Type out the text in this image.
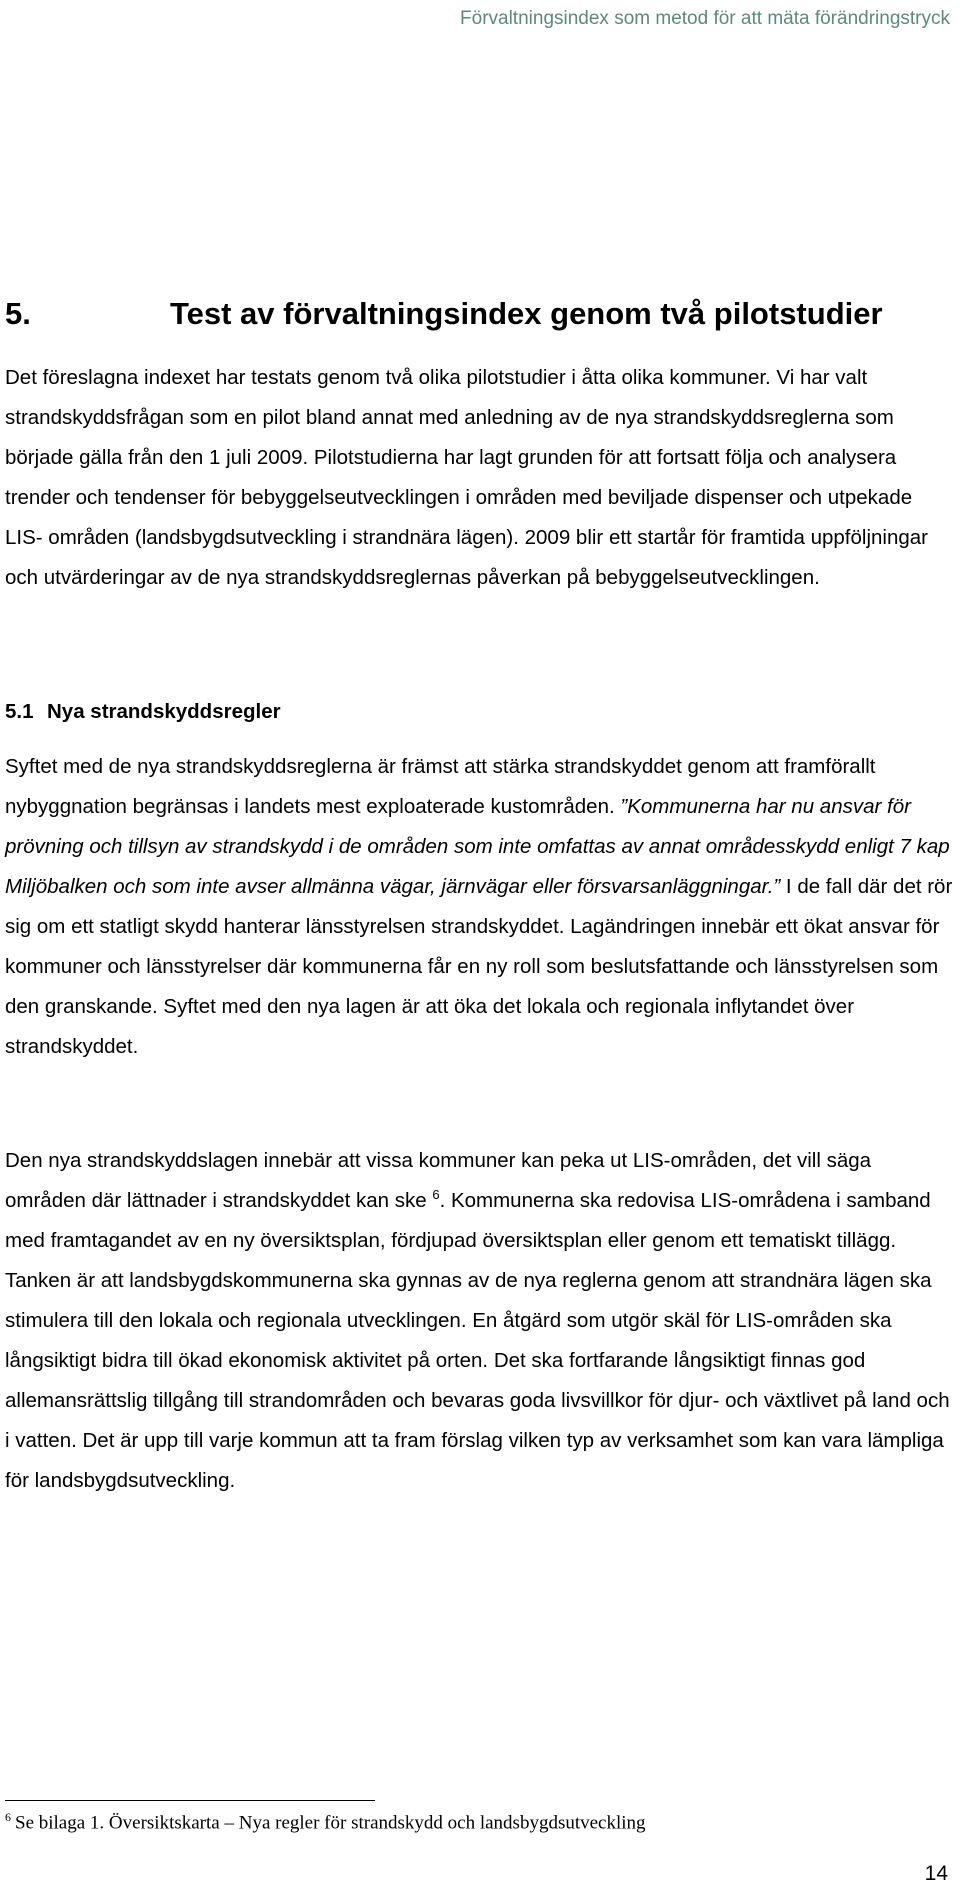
Förvaltningsindex som metod för att mäta förändringstryck
5.	Test av förvaltningsindex genom två pilotstudier

Det föreslagna indexet har testats genom två olika pilotstudier i åtta olika kommuner. Vi har valt strandskyddsfrågan som en pilot bland annat med anledning av de nya strandskyddsreglerna som började gälla från den 1 juli 2009. Pilotstudierna har lagt grunden för att fortsatt följa och analysera trender och tendenser för bebyggelseutvecklingen i områden med beviljade dispenser och utpekade LIS- områden (landsbygdsutveckling i strandnära lägen). 2009 blir ett startår för framtida uppföljningar och utvärderingar av de nya strandskyddsreglernas påverkan på bebyggelseutvecklingen.

5.1 Nya strandskyddsregler

Syftet med de nya strandskyddsreglerna är främst att stärka strandskyddet genom att framförallt nybyggnation begränsas i landets mest exploaterade kustområden. ”Kommunerna har nu ansvar för prövning och tillsyn av strandskydd i de områden som inte omfattas av annat områdesskydd enligt 7 kap Miljöbalken och som inte avser allmänna vägar, järnvägar eller försvarsanläggningar.” I de fall där det rör sig om ett statligt skydd hanterar länsstyrelsen strandskyddet. Lagändringen innebär ett ökat ansvar för kommuner och länsstyrelser där kommunerna får en ny roll som beslutsfattande och länsstyrelsen som den granskande. Syftet med den nya lagen är att öka det lokala och regionala inflytandet över strandskyddet.

Den nya strandskyddslagen innebär att vissa kommuner kan peka ut LIS-områden, det vill säga områden där lättnader i strandskyddet kan ske $^6$. Kommunerna ska redovisa LIS-områdena i samband med framtagandet av en ny översiktsplan, fördjupad översiktsplan eller genom ett tematiskt tillägg. Tanken är att landsbygdskommunerna ska gynnas av de nya reglerna genom att strandnära lägen ska stimulera till den lokala och regionala utvecklingen. En åtgärd som utgör skäl för LIS-områden ska långsiktigt bidra till ökad ekonomisk aktivitet på orten. Det ska fortfarande långsiktigt finnas god allemansrättslig tillgång till strandområden och bevaras goda livsvillkor för djur- och växtlivet på land och i vatten. Det är upp till varje kommun att ta fram förslag vilken typ av verksamhet som kan vara lämpliga för landsbygdsutveckling.

$^6$ Se bilaga 1. Översiktskarta – Nya regler för strandskydd och landsbygdsutveckling
14
